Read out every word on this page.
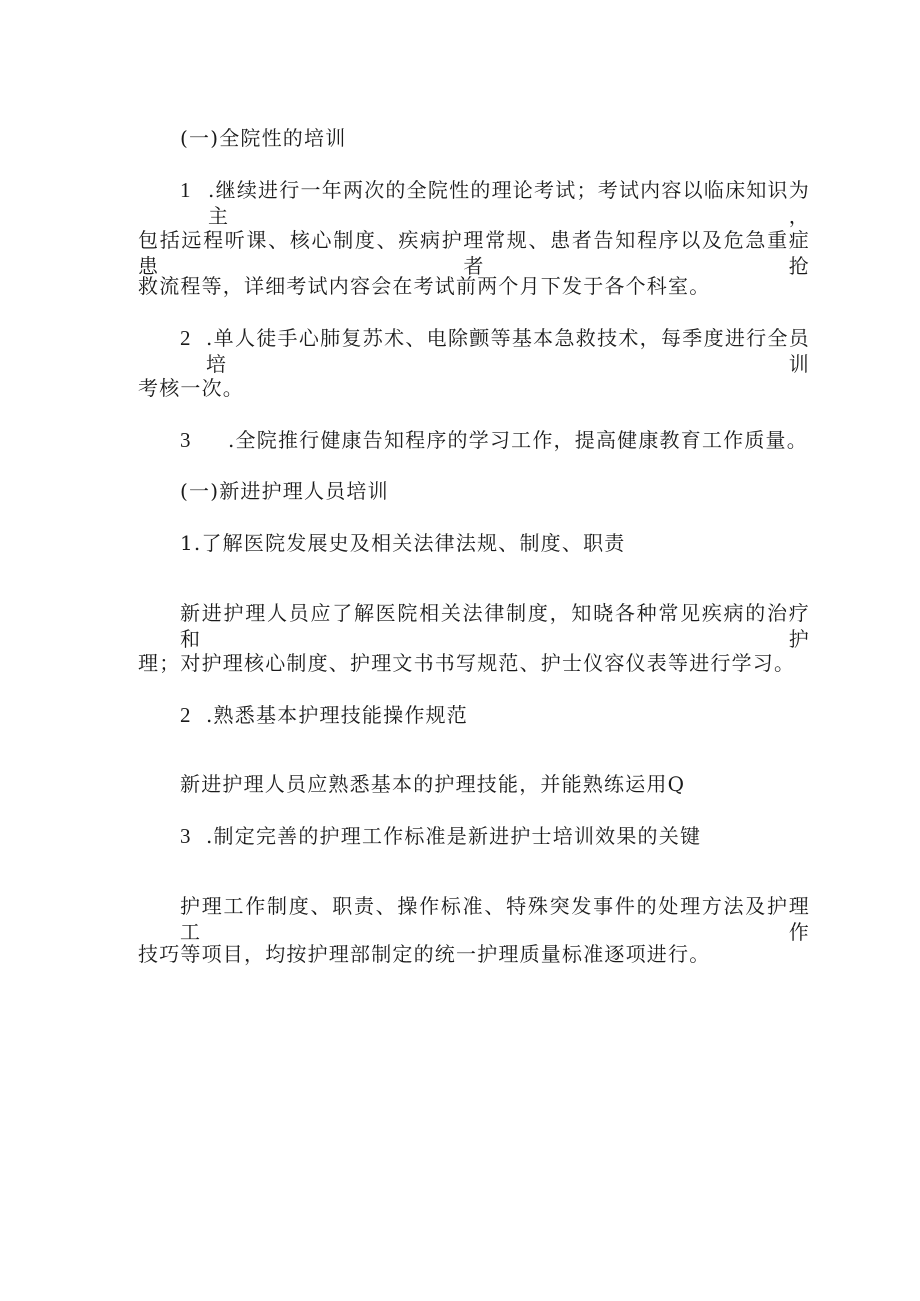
(一)全院性的培训
1 .继续进行一年两次的全院性的理论考试；考试内容以临床知识为主，
包括远程听课、核心制度、疾病护理常规、患者告知程序以及危急重症患者抢
救流程等，详细考试内容会在考试前两个月下发于各个科室。
2 .单人徒手心肺复苏术、电除颤等基本急救技术，每季度进行全员培训
考核一次。
3 .全院推行健康告知程序的学习工作，提高健康教育工作质量。
(一)新进护理人员培训
1.了解医院发展史及相关法律法规、制度、职责
新进护理人员应了解医院相关法律制度，知晓各种常见疾病的治疗和护
理；对护理核心制度、护理文书书写规范、护士仪容仪表等进行学习。
2 .熟悉基本护理技能操作规范
新进护理人员应熟悉基本的护理技能，并能熟练运用Q
3 .制定完善的护理工作标准是新进护士培训效果的关键
护理工作制度、职责、操作标准、特殊突发事件的处理方法及护理工作
技巧等项目，均按护理部制定的统一护理质量标准逐项进行。
